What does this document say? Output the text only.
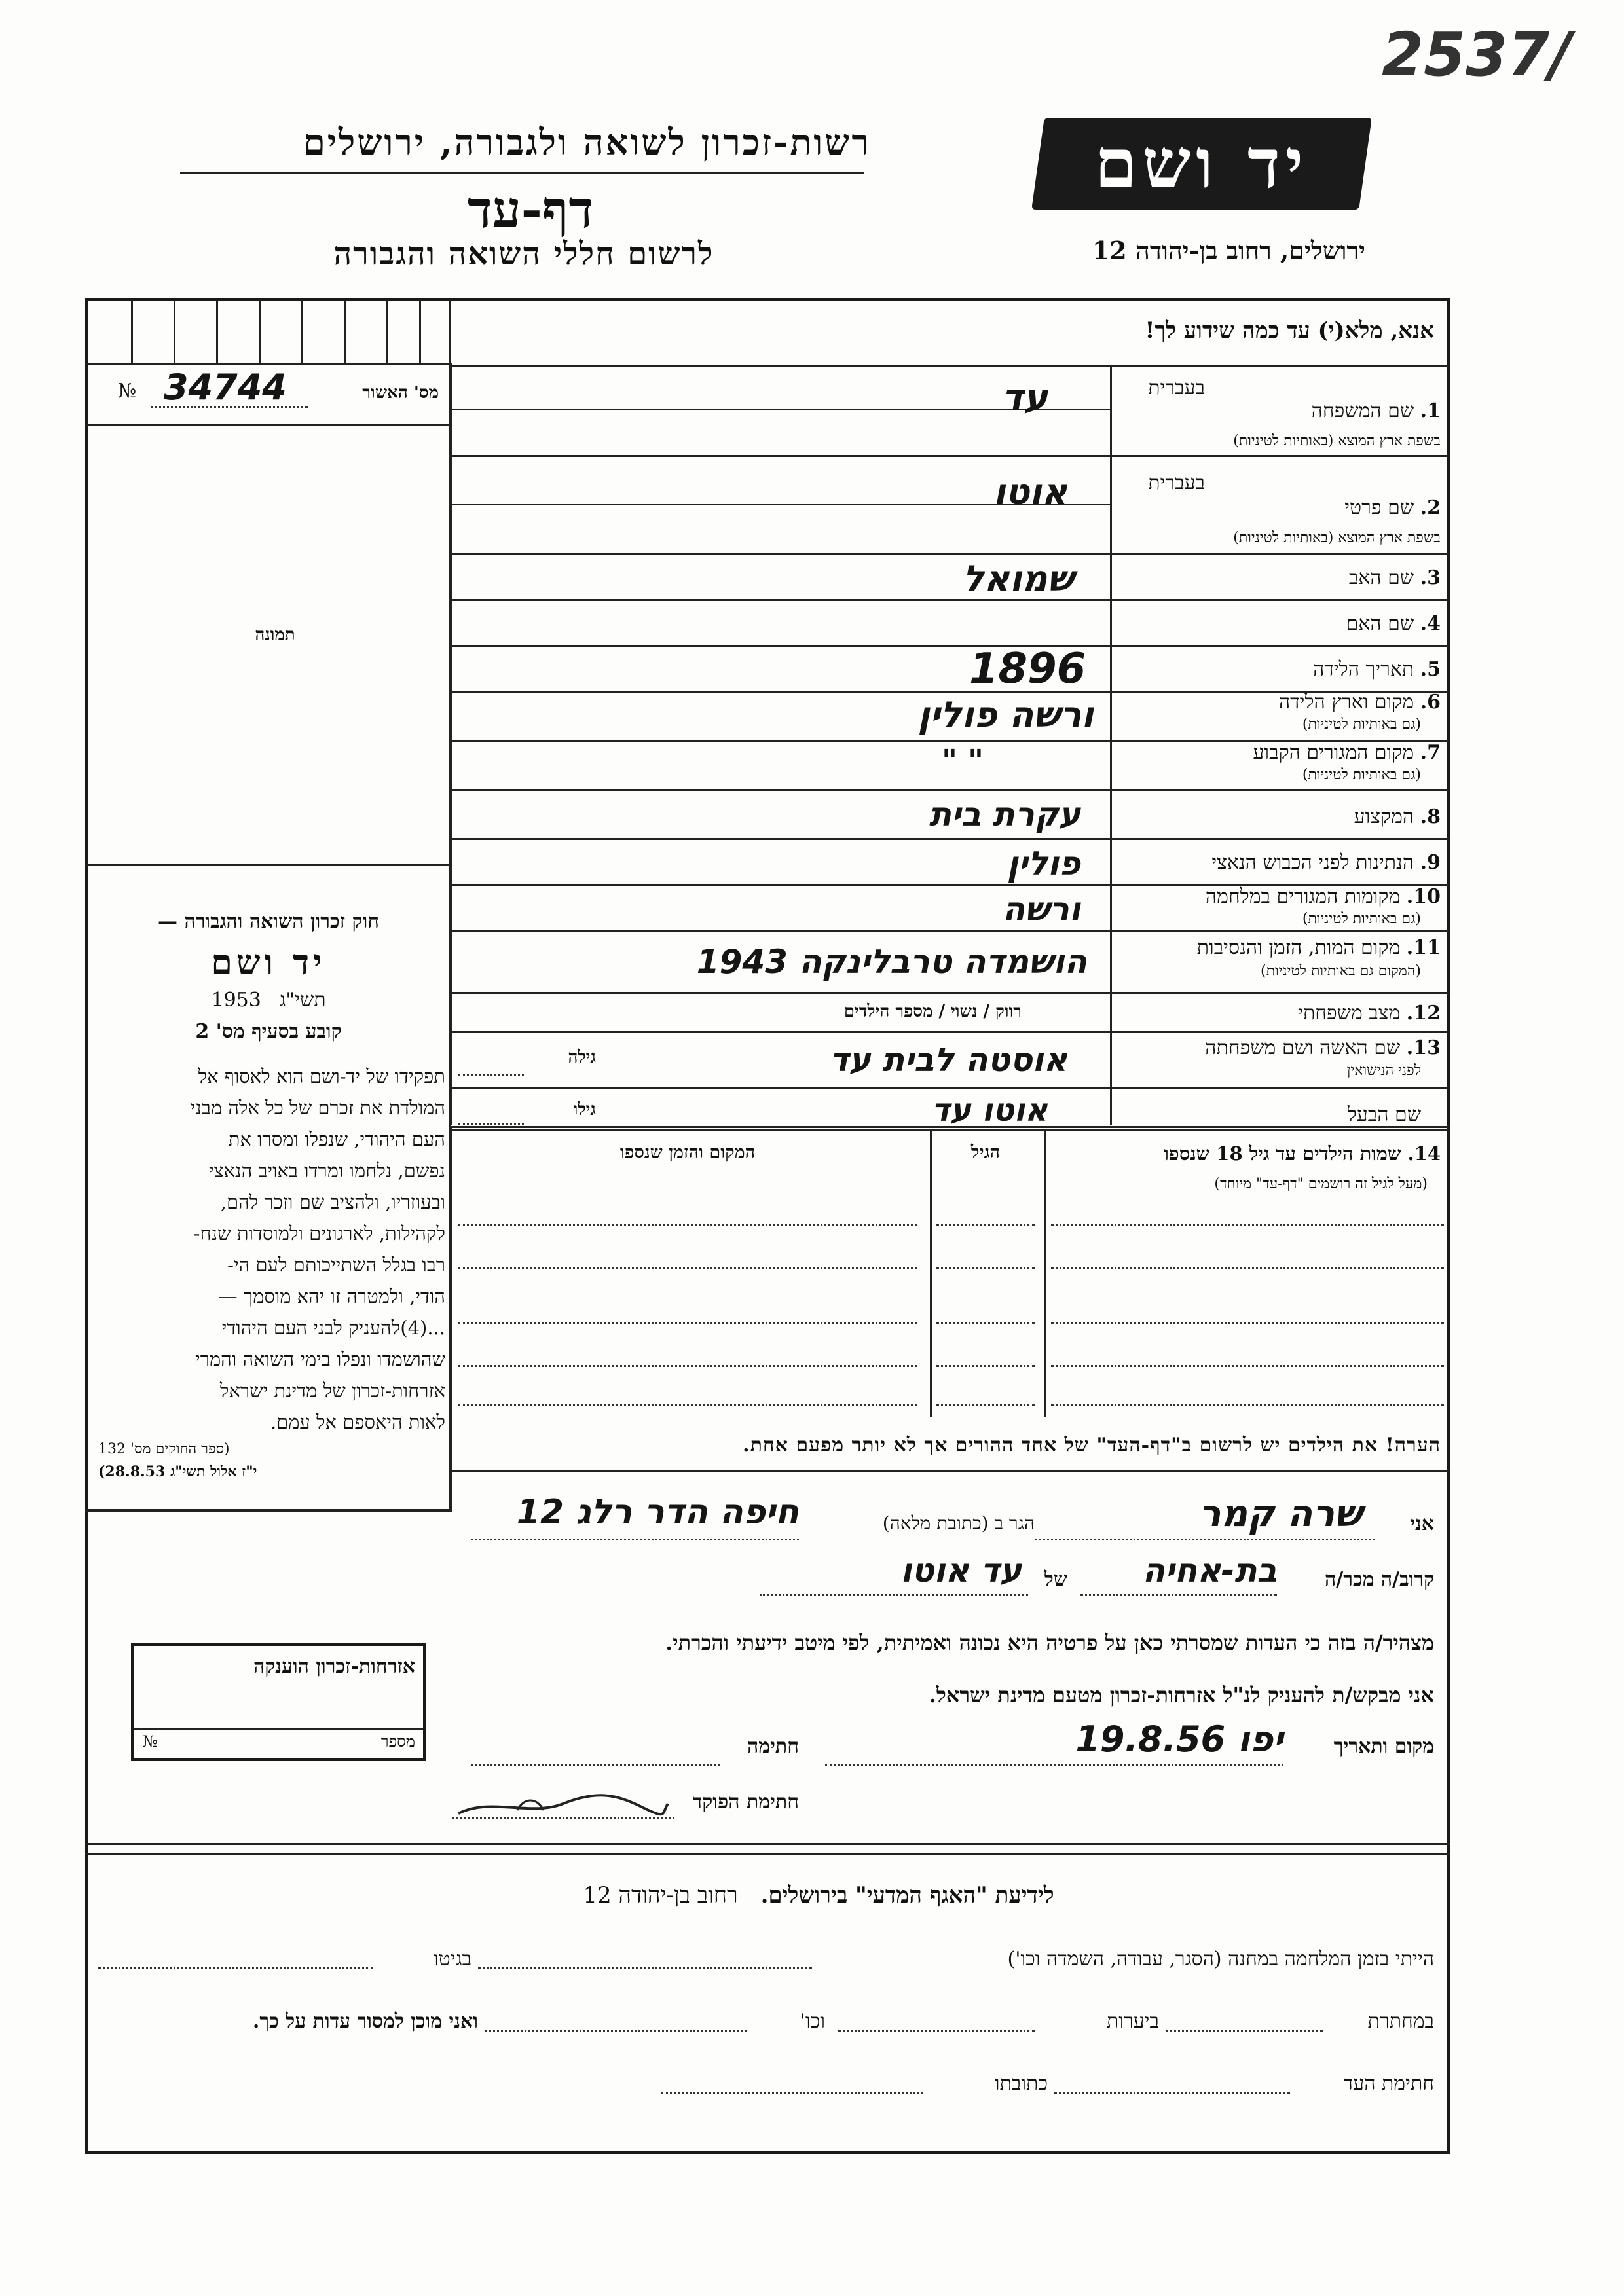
2537/
רשות-זכרון לשואה ולגבורה, ירושלים	יד ושם
דף-עד
לרשום חללי השואה והגבורה	ירושלים, רחוב בן-יהודה 12
אנא, מלא(י) עד כמה שידוע לך!
מס' האשור
№ 34744
תמונה
חוק זכרון השואה והגבורה —
יד ושם
תשי"ג 1953
קובע בסעיף מס' 2
תפקידו של יד-ושם הוא לאסוף אל
המולדת את זכרם של כל אלה מבני
העם היהודי, שנפלו ומסרו את
נפשם, נלחמו ומרדו באויב הנאצי
ובעוזריו, ולהציב שם וזכר להם,
לקהילות, לארגונים ולמוסדות שנח-
רבו בגלל השתייכותם לעם הי-
הודי, ולמטרה זו יהא מוסמך —
...(4)להעניק לבני העם היהודי
שהושמדו ונפלו בימי השואה והמרי
אזרחות-זכרון של מדינת ישראל
לאות היאספם אל עמם.
(ספר החוקים מס' 132
י"ז אלול תשי"ג 28.8.53)
אזרחות-זכרון הוענקה
מספר
№
בעברית
1. שם המשפחה
בשפת ארץ המוצא (באותיות לטיניות)
בעברית
2. שם פרטי
בשפת ארץ המוצא (באותיות לטיניות)
3. שם האב
4. שם האם
5. תאריך הלידה
6. מקום וארץ הלידה
(גם באותיות לטיניות)
7. מקום המגורים הקבוע
(גם באותיות לטיניות)
8. המקצוע
9. הנתינות לפני הכבוש הנאצי
10. מקומות המגורים במלחמה
(גם באותיות לטיניות)
11. מקום המות, הזמן והנסיבות
(המקום גם באותיות לטיניות)
12. מצב משפחתי
רווק / נשוי / מספר הילדים
13. שם האשה ושם משפחתה
לפני הנישואין
גילה
שם הבעל
גילו
עד
אוטו
שמואל
1896
ורשה פולין
" "
עקרת בית
פולין
ורשה
הושמדה טרבלינקה 1943
אוסטה לבית עד
אוטו עד
14. שמות הילדים עד גיל 18 שנספו
(מעל לגיל זה רושמים "דף-עד" מיוחד)
הגיל
המקום והזמן שנספו
הערה! את הילדים יש לרשום ב"דף-העד" של אחד ההורים אך לא יותר מפעם אחת.
אני
שרה קמר
הגר ב (כתובת מלאה)
חיפה הדר רלג 12
קרוב/ה מכר/ה
בת-אחיה
של
עד אוטו
מצהיר/ה בזה כי העדות שמסרתי כאן על פרטיה היא נכונה ואמיתית, לפי מיטב ידיעתי והכרתי.
אני מבקש/ת להעניק לנ"ל אזרחות-זכרון מטעם מדינת ישראל.
מקום ותאריך
יפו 19.8.56
חתימה
חתימת הפוקד
לידיעת "האגף המדעי" בירושלים. רחוב בן-יהודה 12
הייתי בזמן המלחמה במחנה (הסגר, עבודה, השמדה וכו')
בגיטו
במחתרת
ביערות
וכו'
ואני מוכן למסור עדות על כך.
חתימת העד
כתובתו
